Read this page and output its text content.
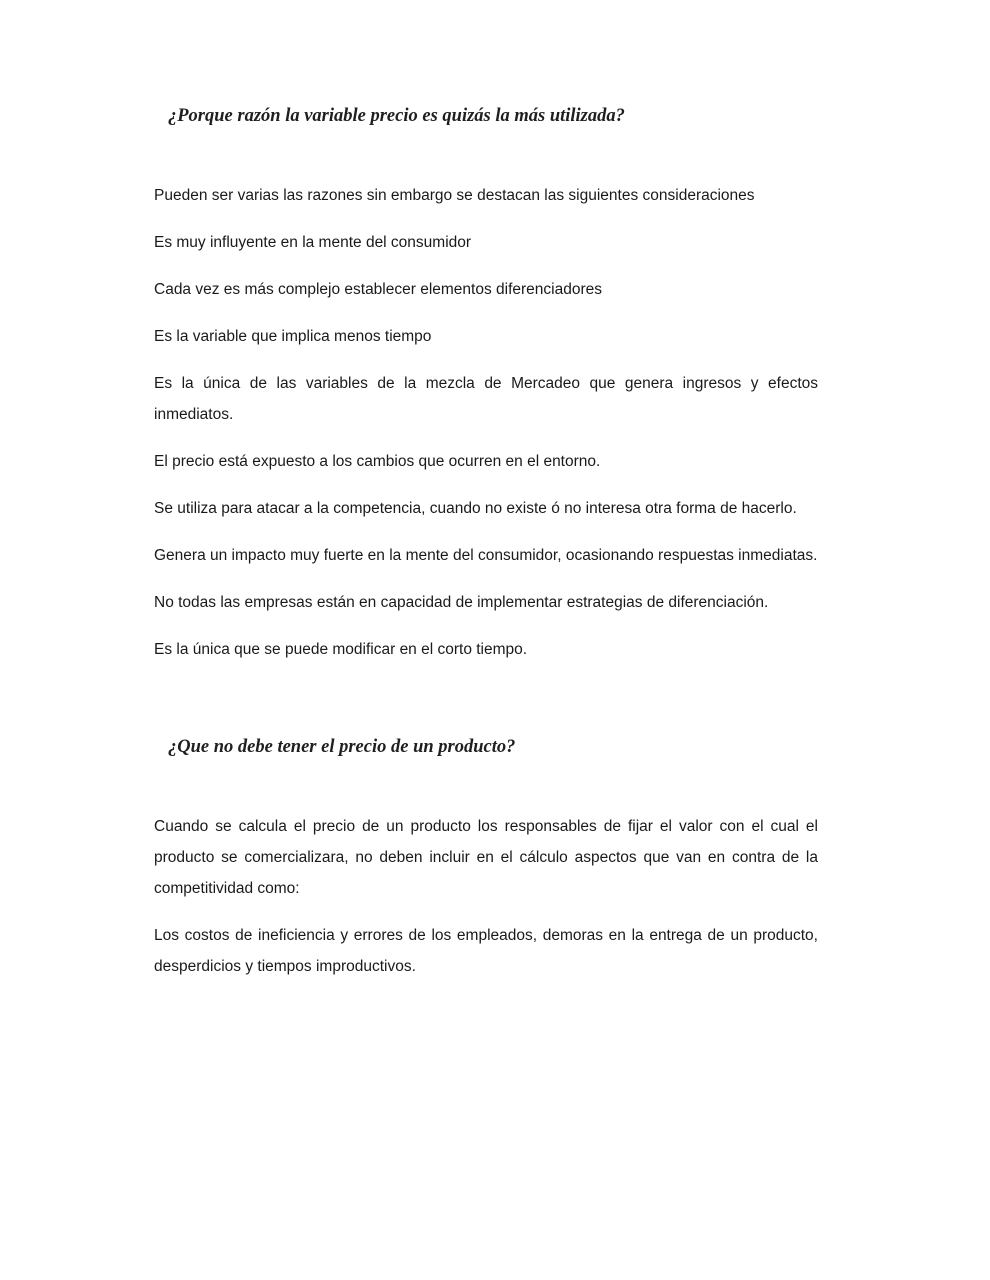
¿Porque razón la variable precio es quizás la más utilizada?

Pueden ser varias las razones sin embargo se destacan las siguientes consideraciones

Es muy influyente en la mente del consumidor

Cada vez es más complejo establecer elementos diferenciadores

Es la variable que implica menos tiempo

Es la única de las variables de la mezcla de Mercadeo que genera ingresos y efectos inmediatos.

El precio está expuesto a los cambios que ocurren en el entorno.

Se utiliza para atacar a la competencia, cuando no existe ó no interesa otra forma de hacerlo.

Genera un impacto muy fuerte en la mente del consumidor, ocasionando respuestas inmediatas.

No todas las empresas están en capacidad de implementar estrategias de diferenciación.

Es la única que se puede modificar en el corto tiempo.

¿Que no debe tener el precio de un producto?

Cuando se calcula el precio de un producto los responsables de fijar el valor con el cual el producto se comercializara, no deben incluir en el cálculo aspectos que van en contra de la competitividad como:

Los costos de ineficiencia y errores de los empleados, demoras en la entrega de un producto, desperdicios y tiempos improductivos.
